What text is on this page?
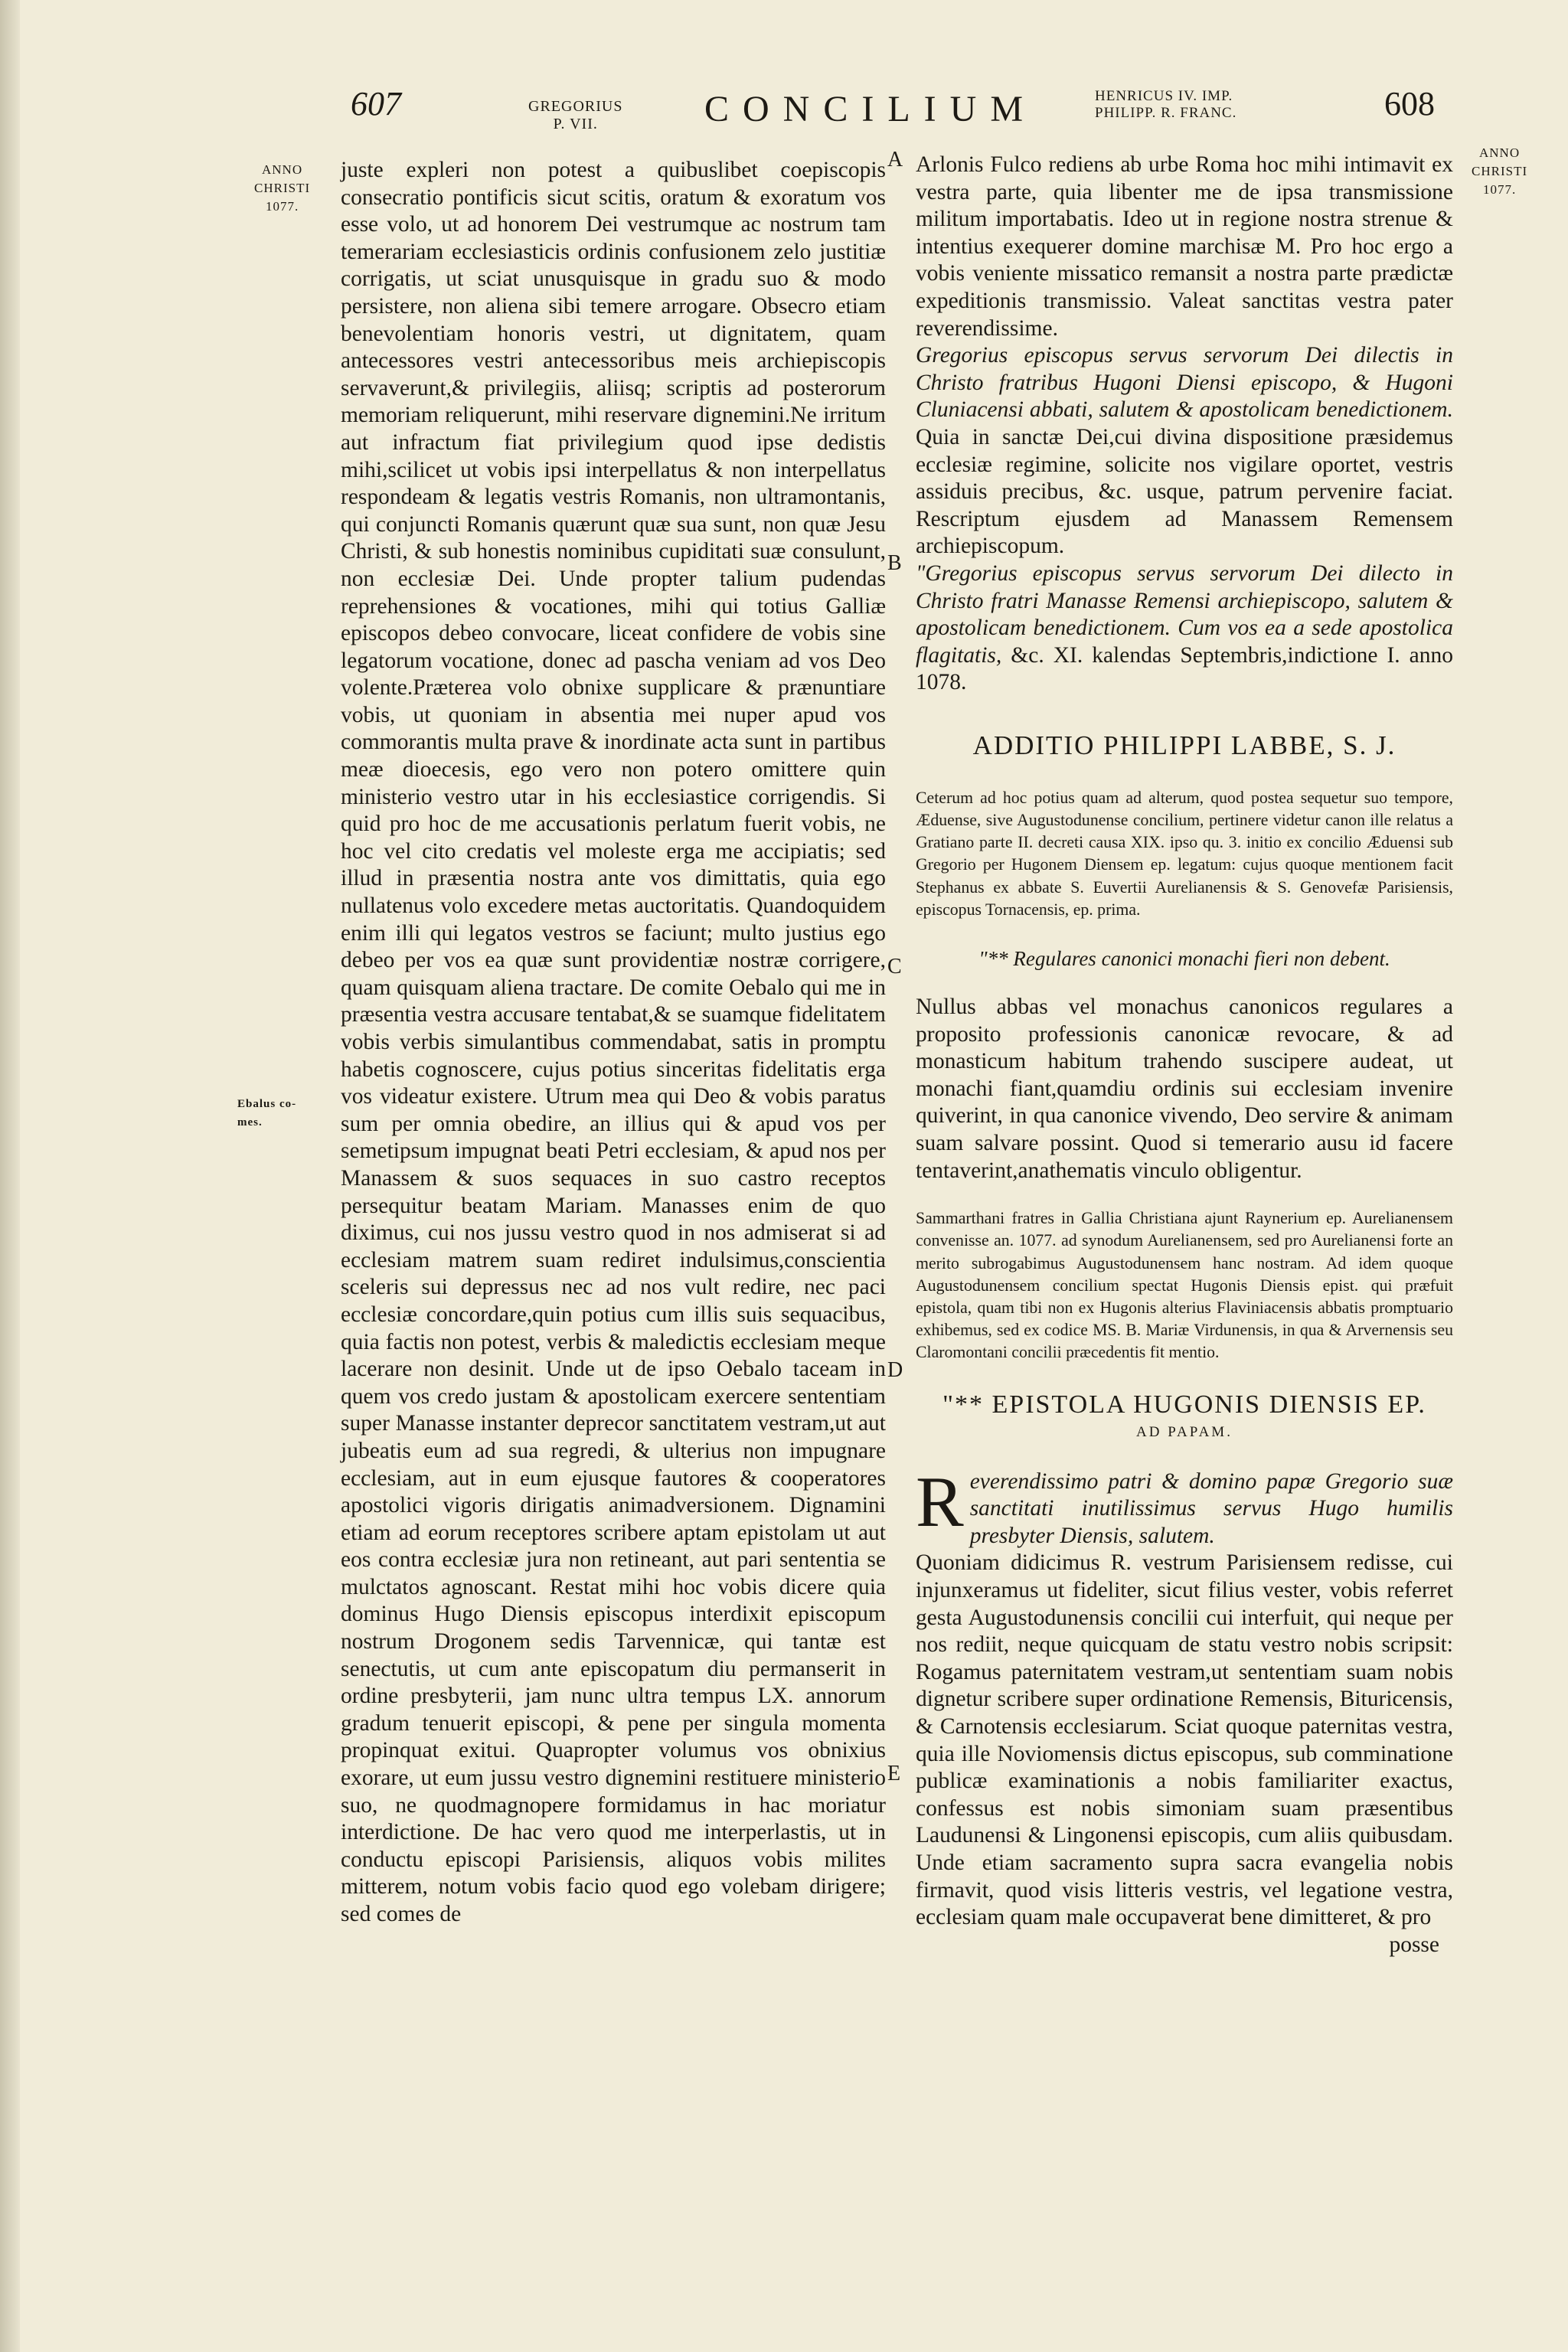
607	GREGORIUS
P. VII.	CONCILIUM	HENRICUS IV. IMP.
PHILIPP. R. FRANC.	608
ANNO
CHRISTI
1077.
ANNO
CHRISTI
1077.
Ebalus co-
mes.
A
B
C
D
E
juste expleri non potest a quibuslibet coepiscopis consecratio pontificis sicut scitis, oratum & exoratum vos esse volo, ut ad honorem Dei vestrumque ac nostrum tam temerariam ecclesiasticis ordinis confusionem zelo justitiæ corrigatis, ut sciat unusquisque in gradu suo & modo persistere, non aliena sibi temere arrogare. Obsecro etiam benevolentiam honoris vestri, ut dignitatem, quam antecessores vestri antecessoribus meis archiepiscopis servaverunt,& privilegiis, aliisq; scriptis ad posterorum memoriam reliquerunt, mihi reservare dignemini.Ne irritum aut infractum fiat privilegium quod ipse dedistis mihi,scilicet ut vobis ipsi interpellatus & non interpellatus respondeam & legatis vestris Romanis, non ultramontanis, qui conjuncti Romanis quærunt quæ sua sunt, non quæ Jesu Christi, & sub honestis nominibus cupiditati suæ consulunt, non ecclesiæ Dei. Unde propter talium pudendas reprehensiones & vocationes, mihi qui totius Galliæ episcopos debeo convocare, liceat confidere de vobis sine legatorum vocatione, donec ad pascha veniam ad vos Deo volente.Præterea volo obnixe supplicare & prænuntiare vobis, ut quoniam in absentia mei nuper apud vos commorantis multa prave & inordinate acta sunt in partibus meæ dioecesis, ego vero non potero omittere quin ministerio vestro utar in his ecclesiastice corrigendis. Si quid pro hoc de me accusationis perlatum fuerit vobis, ne hoc vel cito credatis vel moleste erga me accipiatis; sed illud in præsentia nostra ante vos dimittatis, quia ego nullatenus volo excedere metas auctoritatis. Quandoquidem enim illi qui legatos vestros se faciunt; multo justius ego debeo per vos ea quæ sunt providentiæ nostræ corrigere, quam quisquam aliena tractare. De comite Oebalo qui me in præsentia vestra accusare tentabat,& se suamque fidelitatem vobis verbis simulantibus commendabat, satis in promptu habetis cognoscere, cujus potius sinceritas fidelitatis erga vos videatur existere. Utrum mea qui Deo & vobis paratus sum per omnia obedire, an illius qui & apud vos per semetipsum impugnat beati Petri ecclesiam, & apud nos per Manassem & suos sequaces in suo castro receptos persequitur beatam Mariam. Manasses enim de quo diximus, cui nos jussu vestro quod in nos admiserat si ad ecclesiam matrem suam rediret indulsimus,conscientia sceleris sui depressus nec ad nos vult redire, nec paci ecclesiæ concordare,quin potius cum illis suis sequacibus, quia factis non potest, verbis & maledictis ecclesiam meque lacerare non desinit. Unde ut de ipso Oebalo taceam in quem vos credo justam & apostolicam exercere sententiam super Manasse instanter deprecor sanctitatem vestram,ut aut jubeatis eum ad sua regredi, & ulterius non impugnare ecclesiam, aut in eum ejusque fautores & cooperatores apostolici vigoris dirigatis animadversionem. Dignamini etiam ad eorum receptores scribere aptam epistolam ut aut eos contra ecclesiæ jura non retineant, aut pari sententia se mulctatos agnoscant. Restat mihi hoc vobis dicere quia dominus Hugo Diensis episcopus interdixit episcopum nostrum Drogonem sedis Tarvennicæ, qui tantæ est senectutis, ut cum ante episcopatum diu permanserit in ordine presbyterii, jam nunc ultra tempus LX. annorum gradum tenuerit episcopi, & pene per singula momenta propinquat exitui. Quapropter volumus vos obnixius exorare, ut eum jussu vestro dignemini restituere ministerio suo, ne quodmagnopere formidamus in hac moriatur interdictione. De hac vero quod me interperlastis, ut in conductu episcopi Parisiensis, aliquos vobis milites mitterem, notum vobis facio quod ego volebam dirigere; sed comes de

Arlonis Fulco rediens ab urbe Roma hoc mihi intimavit ex vestra parte, quia libenter me de ipsa transmissione militum importabatis. Ideo ut in regione nostra strenue & intentius exequerer domine marchisæ M. Pro hoc ergo a vobis veniente missatico remansit a nostra parte prædictæ expeditionis transmissio. Valeat sanctitas vestra pater reverendissime.

Gregorius episcopus servus servorum Dei dilectis in Christo fratribus Hugoni Diensi episcopo, & Hugoni Cluniacensi abbati, salutem & apostolicam benedictionem. Quia in sanctæ Dei,cui divina dispositione præsidemus ecclesiæ regimine, solicite nos vigilare oportet, vestris assiduis precibus, &c. usque, patrum pervenire faciat. Rescriptum ejusdem ad Manassem Remensem archiepiscopum.

"Gregorius episcopus servus servorum Dei dilecto in Christo fratri Manasse Remensi archiepiscopo, salutem & apostolicam benedictionem. Cum vos ea a sede apostolica flagitatis, &c. XI. kalendas Septembris,indictione I. anno 1078.

ADDITIO PHILIPPI LABBE, S. J.

Ceterum ad hoc potius quam ad alterum, quod postea sequetur suo tempore, Æduense, sive Augustodunense concilium, pertinere videtur canon ille relatus a Gratiano parte II. decreti causa XIX. ipso qu. 3. initio ex concilio Æduensi sub Gregorio per Hugonem Diensem ep. legatum: cujus quoque mentionem facit Stephanus ex abbate S. Euvertii Aurelianensis & S. Genovefæ Parisiensis, episcopus Tornacensis, ep. prima.

"** Regulares canonici monachi fieri non debent.

Nullus abbas vel monachus canonicos regulares a proposito professionis canonicæ revocare, & ad monasticum habitum trahendo suscipere audeat, ut monachi fiant,quamdiu ordinis sui ecclesiam invenire quiverint, in qua canonice vivendo, Deo servire & animam suam salvare possint. Quod si temerario ausu id facere tentaverint,anathematis vinculo obligentur.

Sammarthani fratres in Gallia Christiana ajunt Raynerium ep. Aurelianensem convenisse an. 1077. ad synodum Aurelianensem, sed pro Aurelianensi forte an merito subrogabimus Augustodunensem hanc nostram. Ad idem quoque Augustodunensem concilium spectat Hugonis Diensis epist. qui præfuit epistola, quam tibi non ex Hugonis alterius Flaviniacensis abbatis promptuario exhibemus, sed ex codice MS. B. Mariæ Virdunensis, in qua & Arvernensis seu Claromontani concilii præcedentis fit mentio.

"** EPISTOLA HUGONIS DIENSIS EP.
AD PAPAM.

Reverendissimo patri & domino papæ Gregorio suæ sanctitati inutilissimus servus Hugo humilis presbyter Diensis, salutem.

Quoniam didicimus R. vestrum Parisiensem redisse, cui injunxeramus ut fideliter, sicut filius vester, vobis referret gesta Augustodunensis concilii cui interfuit, qui neque per nos rediit, neque quicquam de statu vestro nobis scripsit: Rogamus paternitatem vestram,ut sententiam suam nobis dignetur scribere super ordinatione Remensis, Bituricensis, & Carnotensis ecclesiarum. Sciat quoque paternitas vestra, quia ille Noviomensis dictus episcopus, sub comminatione publicæ examinationis a nobis familiariter exactus, confessus est nobis simoniam suam præsentibus Laudunensi & Lingonensi episcopis, cum aliis quibusdam. Unde etiam sacramento supra sacra evangelia nobis firmavit, quod visis litteris vestris, vel legatione vestra, ecclesiam quam male occupaverat bene dimitteret, & pro

posse
